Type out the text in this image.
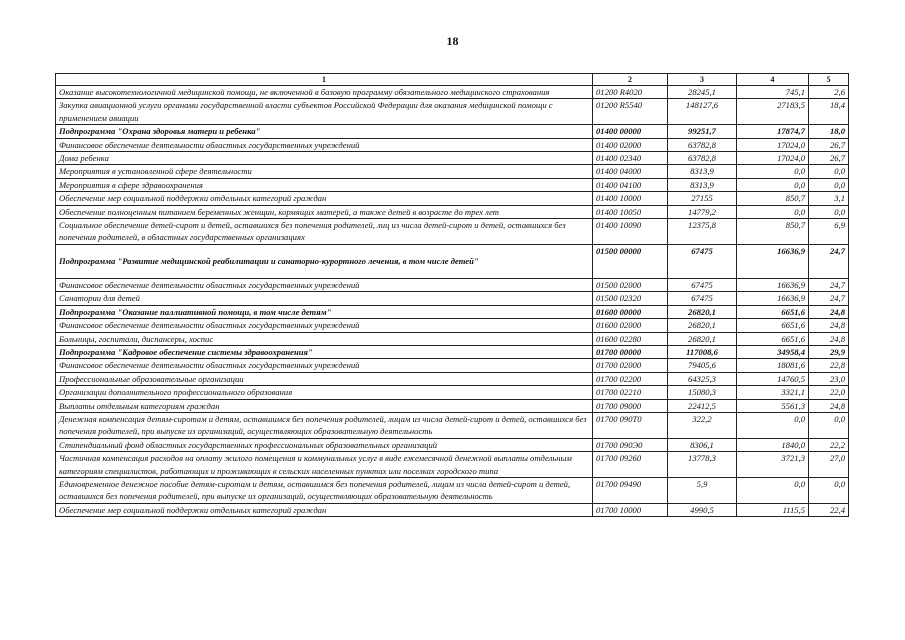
18
1	2	3	4	5
Оказание высокотехнологичной медицинской помощи, не включенной в базовую программу обязательного медицинского страхования	01200 R4020	28245,1	745,1	2,6
Закупка авиационной услуги органами государственной власти субъектов Российской Федерации для оказания медицинской помощи с применением авиации	01200 R5540	148127,6	27183,5	18,4
Подпрограмма "Охрана здоровья матери и ребенка"	01400 00000	99251,7	17874,7	18,0
Финансовое обеспечение деятельности областных государственных учреждений	01400 02000	63782,8	17024,0	26,7
Дома ребенка	01400 02340	63782,8	17024,0	26,7
Мероприятия в установленной сфере деятельности	01400 04000	8313,9	0,0	0,0
Мероприятия в сфере здравоохранения	01400 04100	8313,9	0,0	0,0
Обеспечение мер социальной поддержки отдельных категорий граждан	01400 10000	27155	850,7	3,1
Обеспечение полноценным питанием беременных женщин, кормящих матерей, а также детей в возрасте до трех лет	01400 10050	14779,2	0,0	0,0
Социальное обеспечение детей-сирот и детей, оставшихся без попечения родителей, лиц из числа детей-сирот и детей, оставшихся без попечения родителей, в областных государственных организациях	01400 10090	12375,8	850,7	6,9
Подпрограмма "Развитие медицинской реабилитации и санаторно-курортного лечения, в том числе детей"	01500 00000	67475	16636,9	24,7
Финансовое обеспечение деятельности областных государственных учреждений	01500 02000	67475	16636,9	24,7
Санатории для детей	01500 02320	67475	16636,9	24,7
Подпрограмма "Оказание паллиативной помощи, в том числе детям"	01600 00000	26820,1	6651,6	24,8
Финансовое обеспечение деятельности областных государственных учреждений	01600 02000	26820,1	6651,6	24,8
Больницы, госпитали, диспансеры, хоспис	01600 02280	26820,1	6651,6	24,8
Подпрограмма "Кадровое обеспечение системы здравоохранения"	01700 00000	117008,6	34958,4	29,9
Финансовое обеспечение деятельности областных государственных учреждений	01700 02000	79405,6	18081,6	22,8
Профессиональные образовательные организации	01700 02200	64325,3	14760,5	23,0
Организации дополнительного профессионального образования	01700 02210	15080,3	3321,1	22,0
Выплаты отдельным категориям граждан	01700 09000	22412,5	5561,3	24,8
Денежная компенсация детям-сиротам и детям, оставшимся без попечения родителей, лицам из числа детей-сирот и детей, оставшихся без попечения родителей, при выпуске из организаций, осуществляющих образовательную деятельность	01700 090Т0	322,2	0,0	0,0
Стипендиальный фонд областных государственных профессиональных образовательных организаций	01700 090Э0	8306,1	1840,0	22,2
Частичная компенсация расходов на оплату жилого помещения и коммунальных услуг в виде ежемесячной денежной выплаты отдельным категориям специалистов, работающих и проживающих в сельских населенных пунктах или поселках городского типа	01700 09260	13778,3	3721,3	27,0
Единовременное денежное пособие детям-сиротам и детям, оставшимся без попечения родителей, лицам из числа детей-сирот и детей, оставшихся без попечения родителей, при выпуске из организаций, осуществляющих образовательную деятельность	01700 09490	5,9	0,0	0,0
Обеспечение мер социальной поддержки отдельных категорий граждан	01700 10000	4990,5	1115,5	22,4
